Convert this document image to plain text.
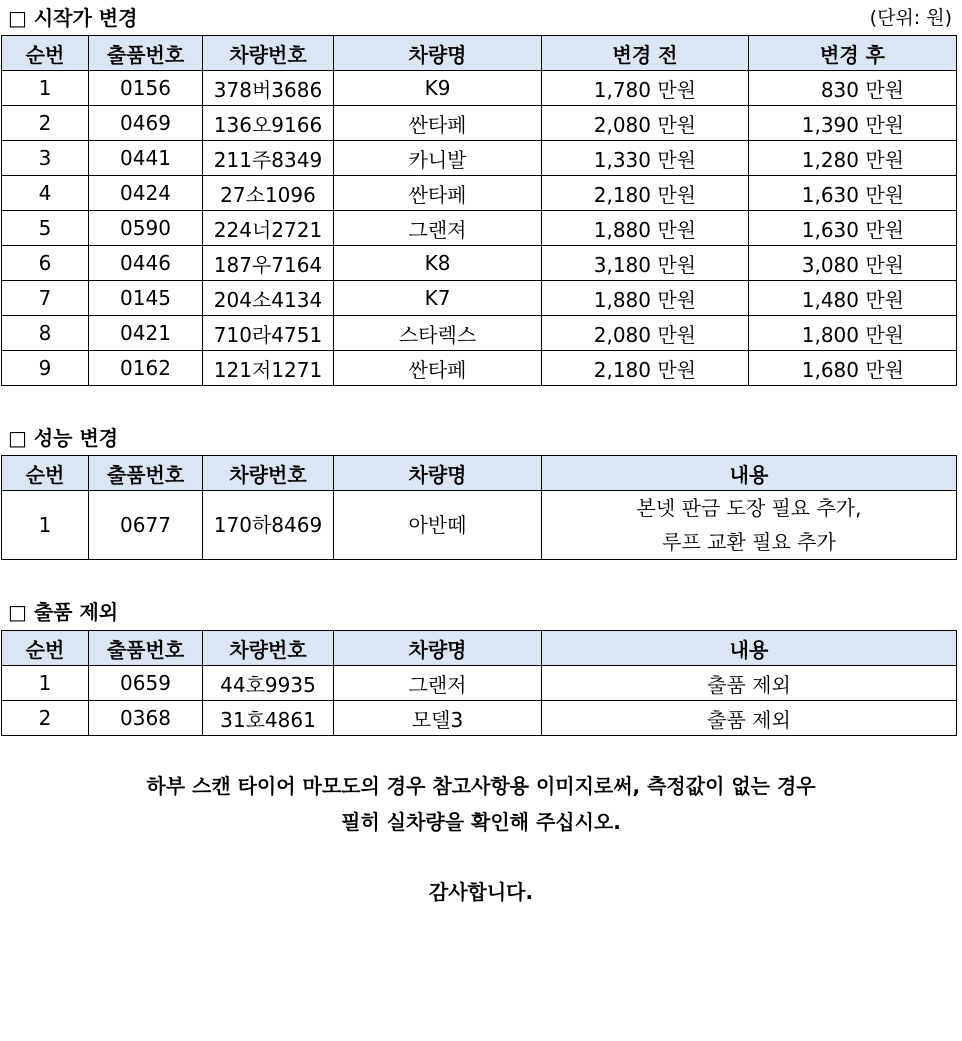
□ 시작가 변경	(단위: 원)
순번	출품번호	차량번호	차량명	변경 전	변경 후
1	0156	378버3686	K9	1,780 만원	830 만원
2	0469	136오9166	싼타페	2,080 만원	1,390 만원
3	0441	211주8349	카니발	1,330 만원	1,280 만원
4	0424	27소1096	싼타페	2,180 만원	1,630 만원
5	0590	224너2721	그랜져	1,880 만원	1,630 만원
6	0446	187우7164	K8	3,180 만원	3,080 만원
7	0145	204소4134	K7	1,880 만원	1,480 만원
8	0421	710라4751	스타렉스	2,080 만원	1,800 만원
9	0162	121저1271	싼타페	2,180 만원	1,680 만원
□ 성능 변경
순번	출품번호	차량번호	차량명	내용
1	0677	170하8469	아반떼	본넷 판금 도장 필요 추가,
루프 교환 필요 추가
□ 출품 제외
순번	출품번호	차량번호	차량명	내용
1	0659	44호9935	그랜저	출품 제외
2	0368	31호4861	모델3	출품 제외
하부 스캔 타이어 마모도의 경우 참고사항용 이미지로써, 측정값이 없는 경우
필히 실차량을 확인해 주십시오.
감사합니다.
